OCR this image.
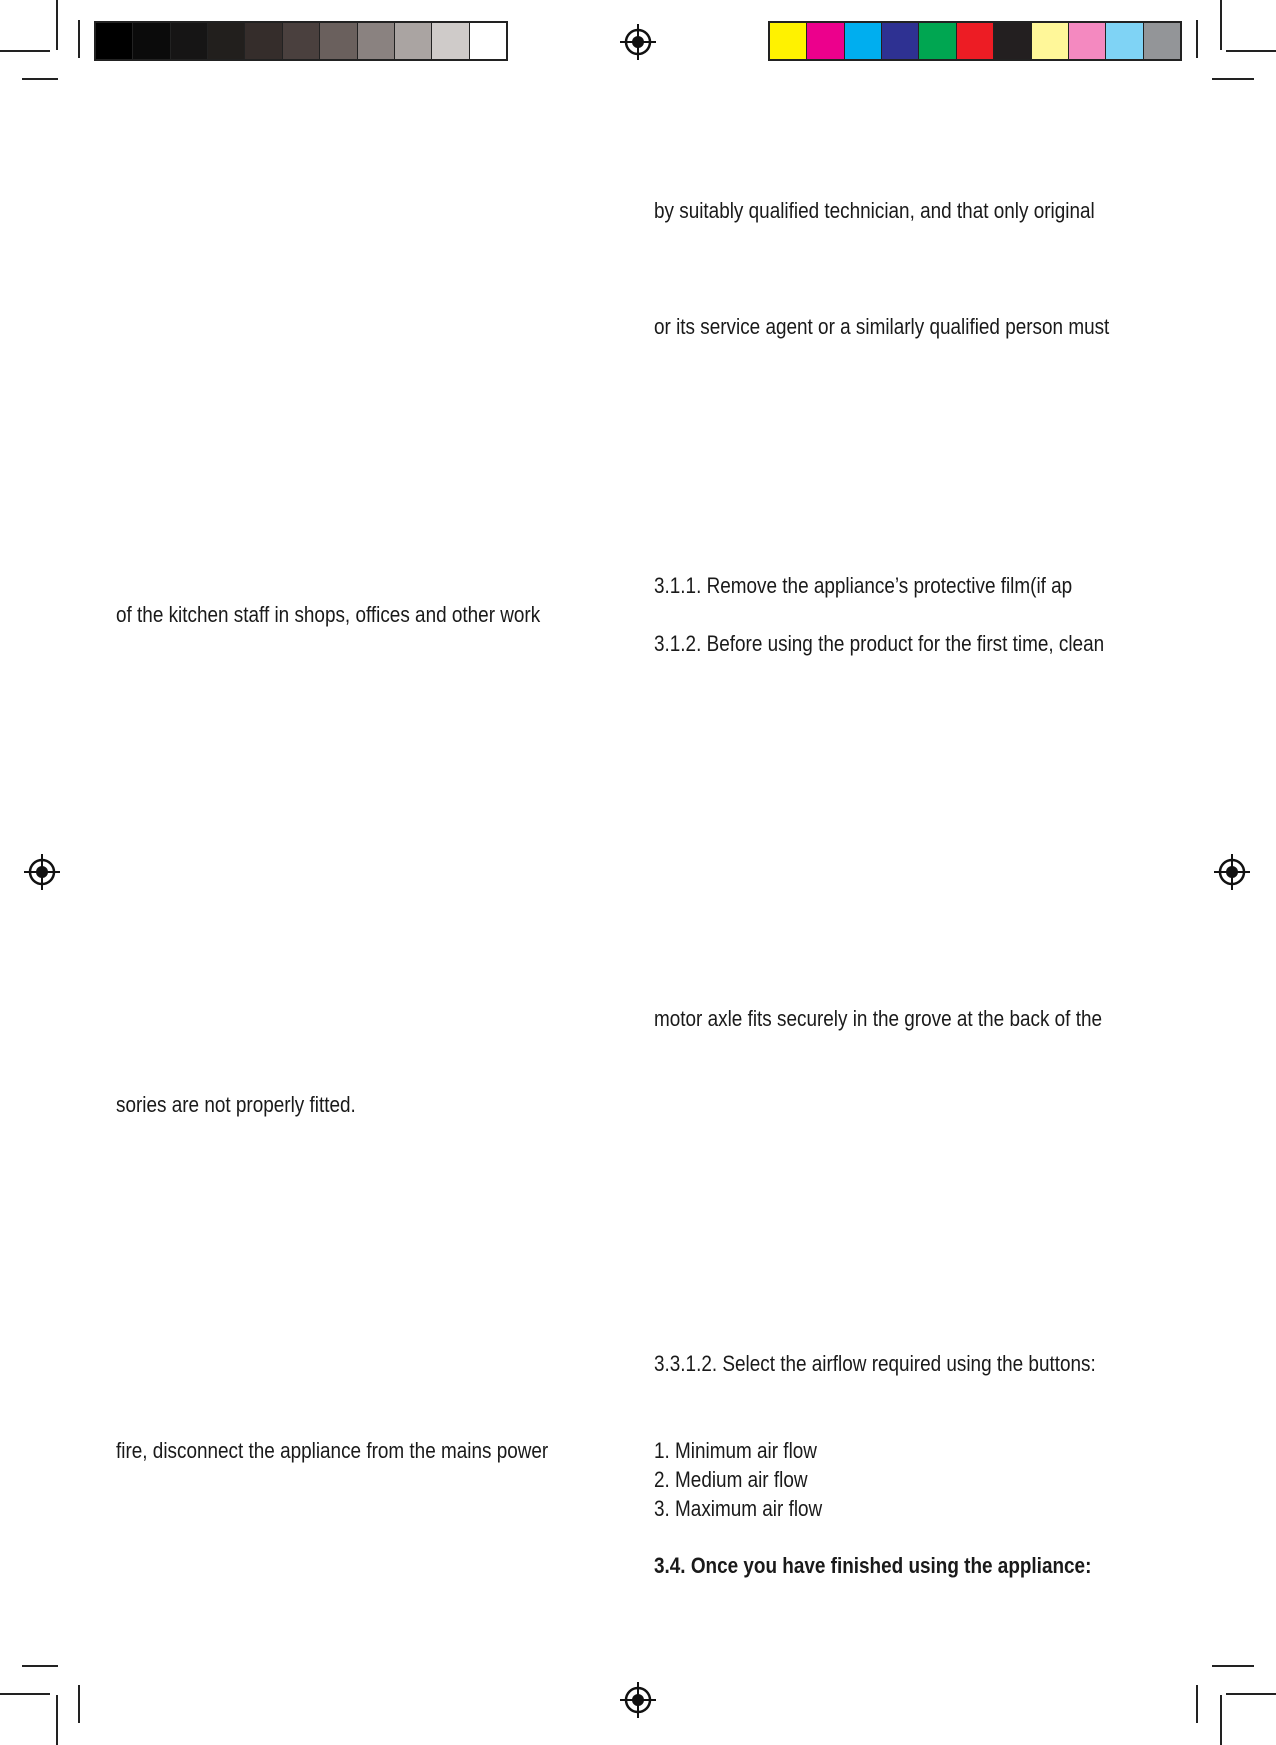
of the kitchen staff in shops, offices and other work
sories are not properly fitted.
fire, disconnect the appliance from the mains power
by suitably qualified technician, and that only original
or its service agent or a similarly qualified person must
3.1.1. Remove the appliance’s protective film(if ap
3.1.2. Before using the product for the first time, clean
motor axle fits securely in the grove at the back of the
3.3.1.2. Select the airflow required using the buttons:
1. Minimum air flow
2. Medium air flow
3. Maximum air flow
3.4. Once you have finished using the appliance:
